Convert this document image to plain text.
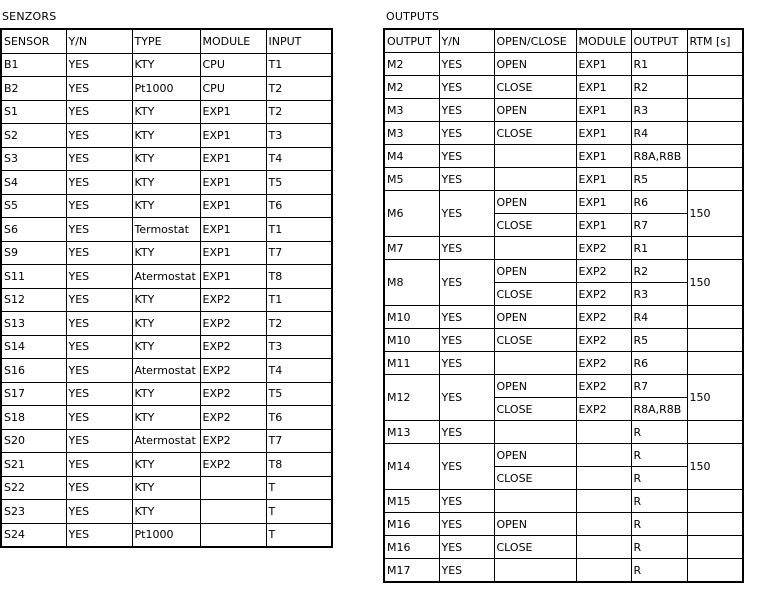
SENZORS
SENSOR	Y/N	TYPE	MODULE	INPUT
B1	YES	KTY	CPU	T1
B2	YES	Pt1000	CPU	T2
S1	YES	KTY	EXP1	T2
S2	YES	KTY	EXP1	T3
S3	YES	KTY	EXP1	T4
S4	YES	KTY	EXP1	T5
S5	YES	KTY	EXP1	T6
S6	YES	Termostat	EXP1	T1
S9	YES	KTY	EXP1	T7
S11	YES	Atermostat	EXP1	T8
S12	YES	KTY	EXP2	T1
S13	YES	KTY	EXP2	T2
S14	YES	KTY	EXP2	T3
S16	YES	Atermostat	EXP2	T4
S17	YES	KTY	EXP2	T5
S18	YES	KTY	EXP2	T6
S20	YES	Atermostat	EXP2	T7
S21	YES	KTY	EXP2	T8
S22	YES	KTY		T
S23	YES	KTY		T
S24	YES	Pt1000		T
OUTPUTS
OUTPUT	Y/N	OPEN/CLOSE	MODULE	OUTPUT	RTM [s]
M2	YES	OPEN	EXP1	R1	
M2	YES	CLOSE	EXP1	R2	
M3	YES	OPEN	EXP1	R3	
M3	YES	CLOSE	EXP1	R4	
M4	YES		EXP1	R8A,R8B	
M5	YES		EXP1	R5	
M6	YES	OPEN	EXP1	R6	150
		CLOSE	EXP1	R7	
M7	YES		EXP2	R1	
M8	YES	OPEN	EXP2	R2	150
		CLOSE	EXP2	R3	
M10	YES	OPEN	EXP2	R4	
M10	YES	CLOSE	EXP2	R5	
M11	YES		EXP2	R6	
M12	YES	OPEN	EXP2	R7	150
		CLOSE	EXP2	R8A,R8B	
M13	YES			R	
M14	YES	OPEN		R	150
		CLOSE		R	
M15	YES			R	
M16	YES	OPEN		R	
M16	YES	CLOSE		R	
M17	YES			R	
